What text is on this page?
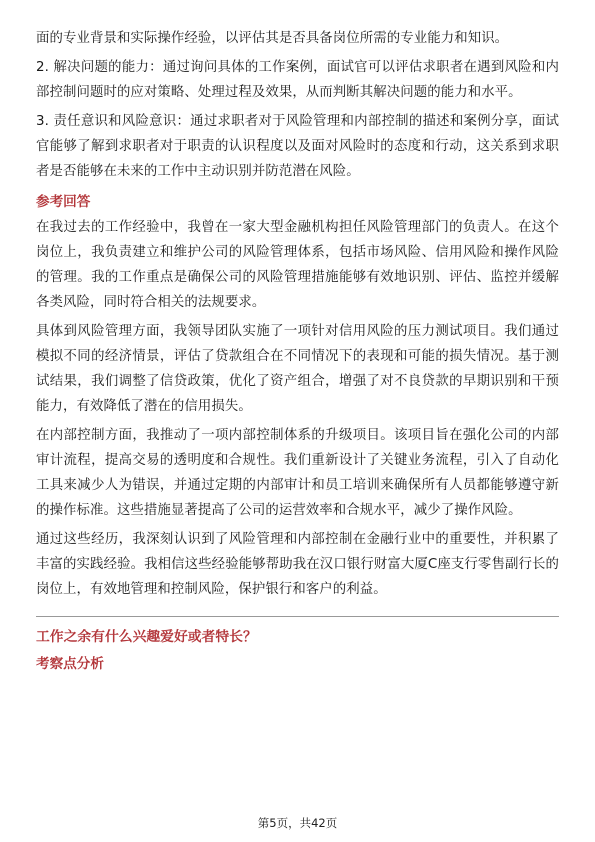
面的专业背景和实际操作经验，以评估其是否具备岗位所需的专业能力和知识。

2. 解决问题的能力：通过询问具体的工作案例，面试官可以评估求职者在遇到风险和内部控制问题时的应对策略、处理过程及效果，从而判断其解决问题的能力和水平。

3. 责任意识和风险意识：通过求职者对于风险管理和内部控制的描述和案例分享，面试官能够了解到求职者对于职责的认识程度以及面对风险时的态度和行动，这关系到求职者是否能够在未来的工作中主动识别并防范潜在风险。

参考回答

在我过去的工作经验中，我曾在一家大型金融机构担任风险管理部门的负责人。在这个岗位上，我负责建立和维护公司的风险管理体系，包括市场风险、信用风险和操作风险的管理。我的工作重点是确保公司的风险管理措施能够有效地识别、评估、监控并缓解各类风险，同时符合相关的法规要求。

具体到风险管理方面，我领导团队实施了一项针对信用风险的压力测试项目。我们通过模拟不同的经济情景，评估了贷款组合在不同情况下的表现和可能的损失情况。基于测试结果，我们调整了信贷政策，优化了资产组合，增强了对不良贷款的早期识别和干预能力，有效降低了潜在的信用损失。

在内部控制方面，我推动了一项内部控制体系的升级项目。该项目旨在强化公司的内部审计流程，提高交易的透明度和合规性。我们重新设计了关键业务流程，引入了自动化工具来减少人为错误，并通过定期的内部审计和员工培训来确保所有人员都能够遵守新的操作标准。这些措施显著提高了公司的运营效率和合规水平，减少了操作风险。

通过这些经历，我深刻认识到了风险管理和内部控制在金融行业中的重要性，并积累了丰富的实践经验。我相信这些经验能够帮助我在汉口银行财富大厦C座支行零售副行长的岗位上，有效地管理和控制风险，保护银行和客户的利益。

工作之余有什么兴趣爱好或者特长？
考察点分析
第5页，共42页
